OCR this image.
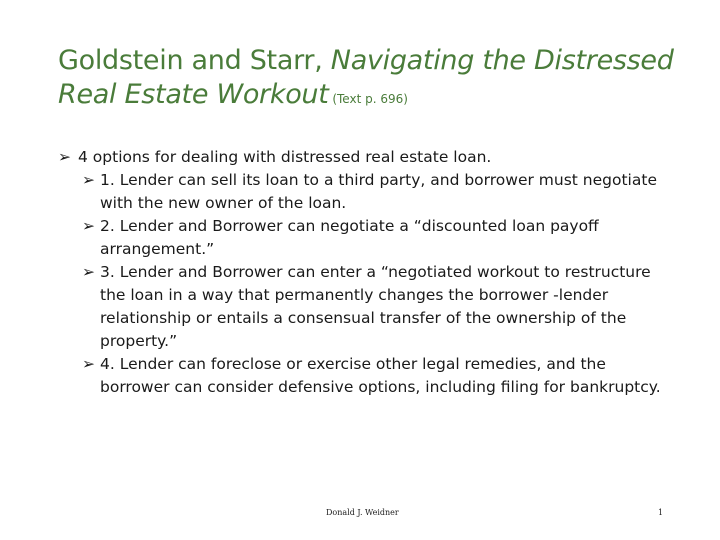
Goldstein and Starr, Navigating the Distressed Real Estate Workout (Text p. 696)
➢ 4 options for dealing with distressed real estate loan.
➢ 1. Lender can sell its loan to a third party, and borrower must negotiate with the new owner of the loan.
➢ 2. Lender and Borrower can negotiate a “discounted loan payoff arrangement.”
➢ 3. Lender and Borrower can enter a “negotiated workout to restructure the loan in a way that permanently changes the borrower -lender relationship or entails a consensual transfer of the ownership of the property.”
➢ 4. Lender can foreclose or exercise other legal remedies, and the borrower can consider defensive options, including filing for bankruptcy.
Donald J. Weidner	1
